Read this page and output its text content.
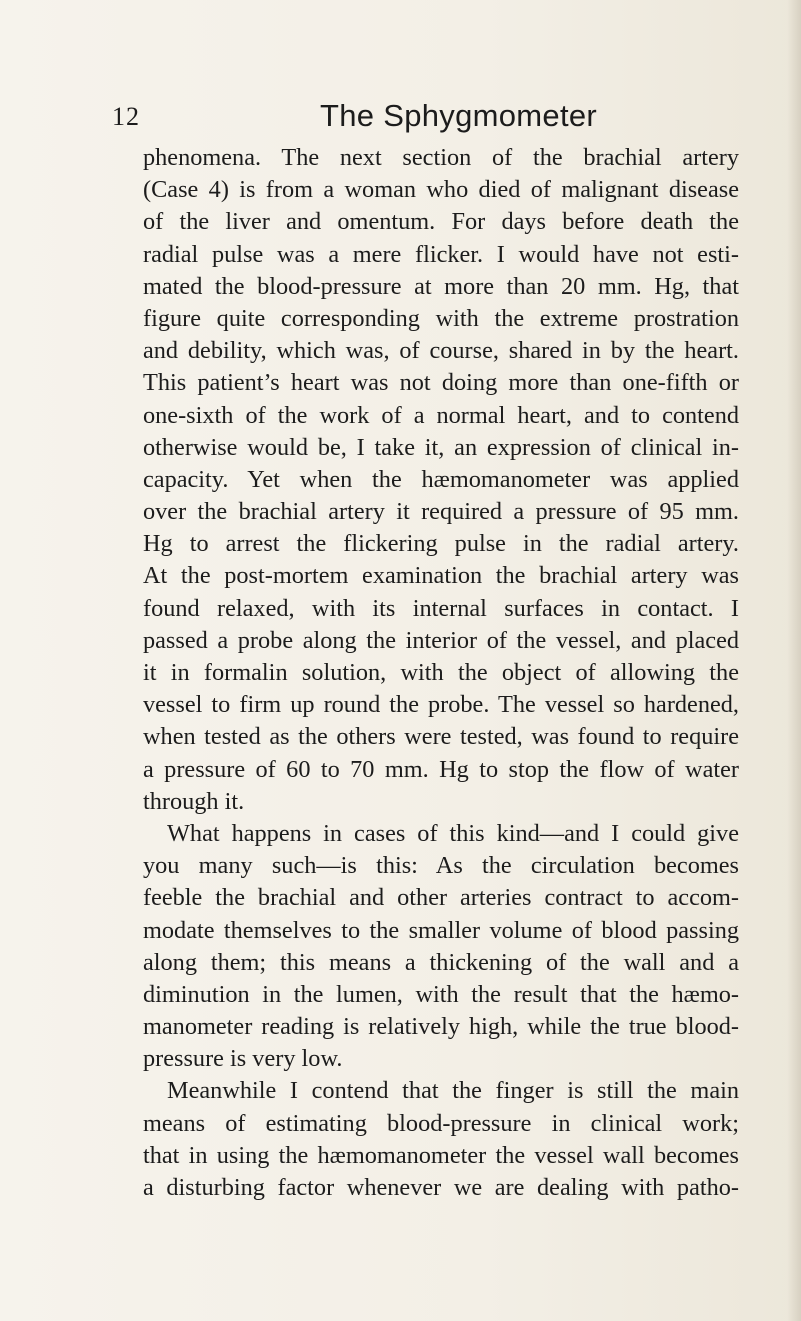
12	The Sphygmometer
phenomena. The next section of the brachial artery
(Case 4) is from a woman who died of malignant disease
of the liver and omentum. For days before death the
radial pulse was a mere flicker. I would have not esti-
mated the blood-pressure at more than 20 mm. Hg, that
figure quite corresponding with the extreme prostration
and debility, which was, of course, shared in by the heart.
This patient’s heart was not doing more than one-fifth or
one-sixth of the work of a normal heart, and to contend
otherwise would be, I take it, an expression of clinical in-
capacity. Yet when the hæmomanometer was applied
over the brachial artery it required a pressure of 95 mm.
Hg to arrest the flickering pulse in the radial artery.
At the post-mortem examination the brachial artery was
found relaxed, with its internal surfaces in contact. I
passed a probe along the interior of the vessel, and placed
it in formalin solution, with the object of allowing the
vessel to firm up round the probe. The vessel so hardened,
when tested as the others were tested, was found to require
a pressure of 60 to 70 mm. Hg to stop the flow of water
through it.
What happens in cases of this kind—and I could give
you many such—is this: As the circulation becomes
feeble the brachial and other arteries contract to accom-
modate themselves to the smaller volume of blood passing
along them; this means a thickening of the wall and a
diminution in the lumen, with the result that the hæmo-
manometer reading is relatively high, while the true blood-
pressure is very low.
Meanwhile I contend that the finger is still the main
means of estimating blood-pressure in clinical work;
that in using the hæmomanometer the vessel wall becomes
a disturbing factor whenever we are dealing with patho-
